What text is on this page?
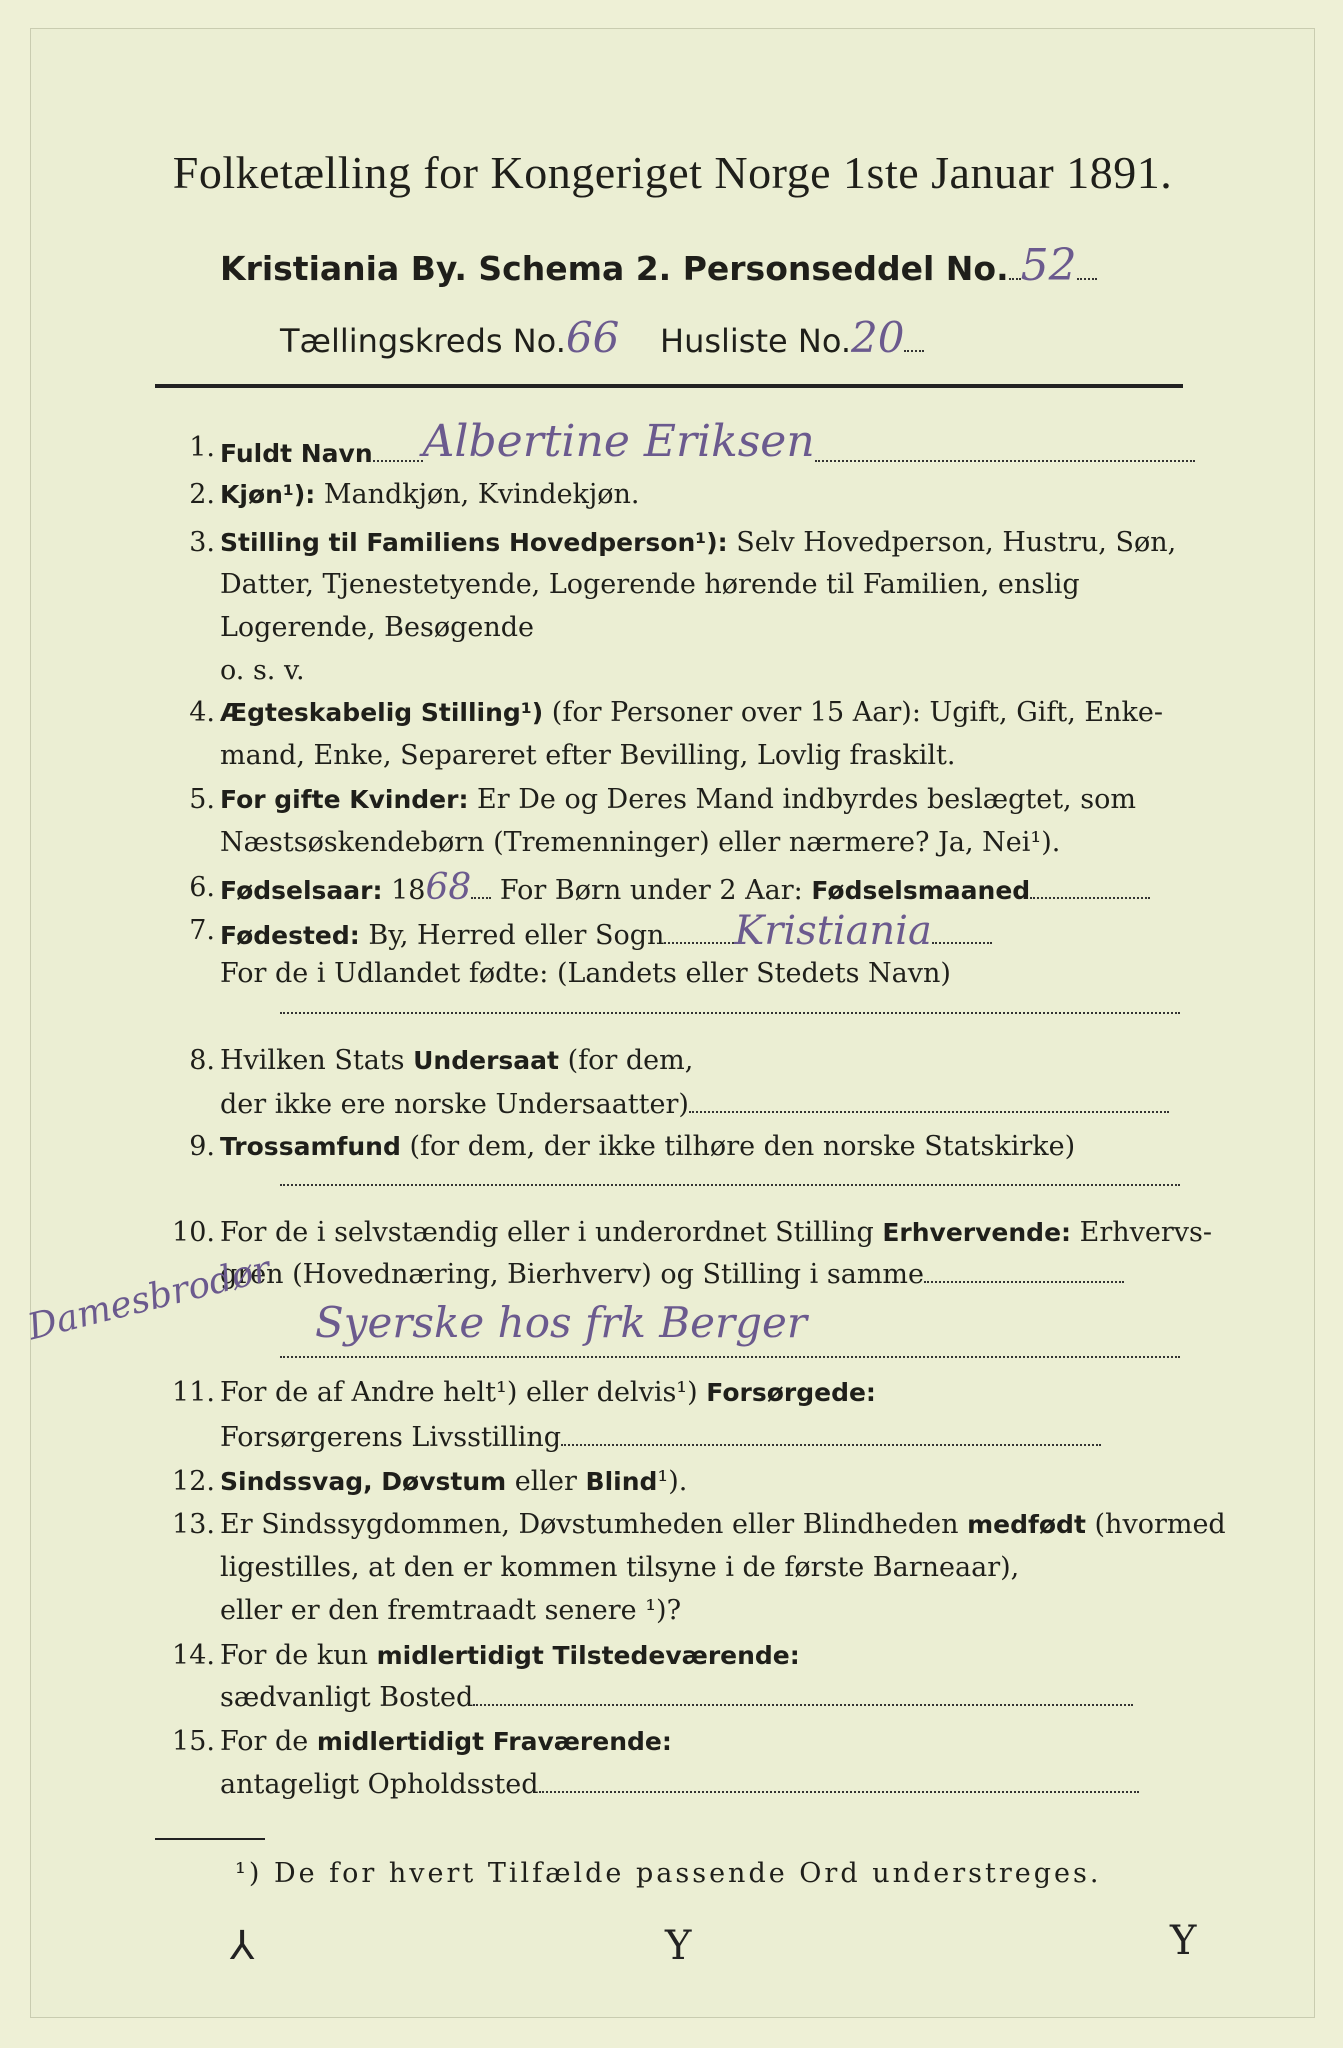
Folketælling for Kongeriget Norge 1ste Januar 1891.
Kristiania By. Schema 2. Personseddel No. 52
Tællingskreds No.66 Husliste No.20
1. Fuldt Navn Albertine Eriksen
2. Kjøn¹): Mandkjøn, Kvindekjøn.
3. Stilling til Familiens Hovedperson¹): Selv Hovedperson, Hustru, Søn,
Datter, Tjenestetyende, Logerende hørende til Familien, enslig
Logerende, Besøgende
o. s. v.
4. Ægteskabelig Stilling¹) (for Personer over 15 Aar): Ugift, Gift, Enke-
mand, Enke, Separeret efter Bevilling, Lovlig fraskilt.
5. For gifte Kvinder: Er De og Deres Mand indbyrdes beslægtet, som
Næstsøskendebørn (Tremenninger) eller nærmere? Ja, Nei¹).
6. Fødselsaar: 1868 For Børn under 2 Aar: Fødselsmaaned
7. Fødested: By, Herred eller Sogn Kristiania
For de i Udlandet fødte: (Landets eller Stedets Navn)
8. Hvilken Stats Undersaat (for dem,
der ikke ere norske Undersaatter)
9. Trossamfund (for dem, der ikke tilhøre den norske Statskirke)
10. For de i selvstændig eller i underordnet Stilling Erhvervende: Erhvervs-
gren (Hovednæring, Bierhverv) og Stilling i samme
Syerske hos frk Berger
Damesbrodør
11. For de af Andre helt¹) eller delvis¹) Forsørgede:
Forsørgerens Livsstilling
12. Sindssvag, Døvstum eller Blind¹).
13. Er Sindssygdommen, Døvstumheden eller Blindheden medfødt (hvormed
ligestilles, at den er kommen tilsyne i de første Barneaar),
eller er den fremtraadt senere ¹)?
14. For de kun midlertidigt Tilstedeværende:
sædvanligt Bosted
15. For de midlertidigt Fraværende:
antageligt Opholdssted
¹) De for hvert Tilfælde passende Ord understreges.
⅄	Y	Y
